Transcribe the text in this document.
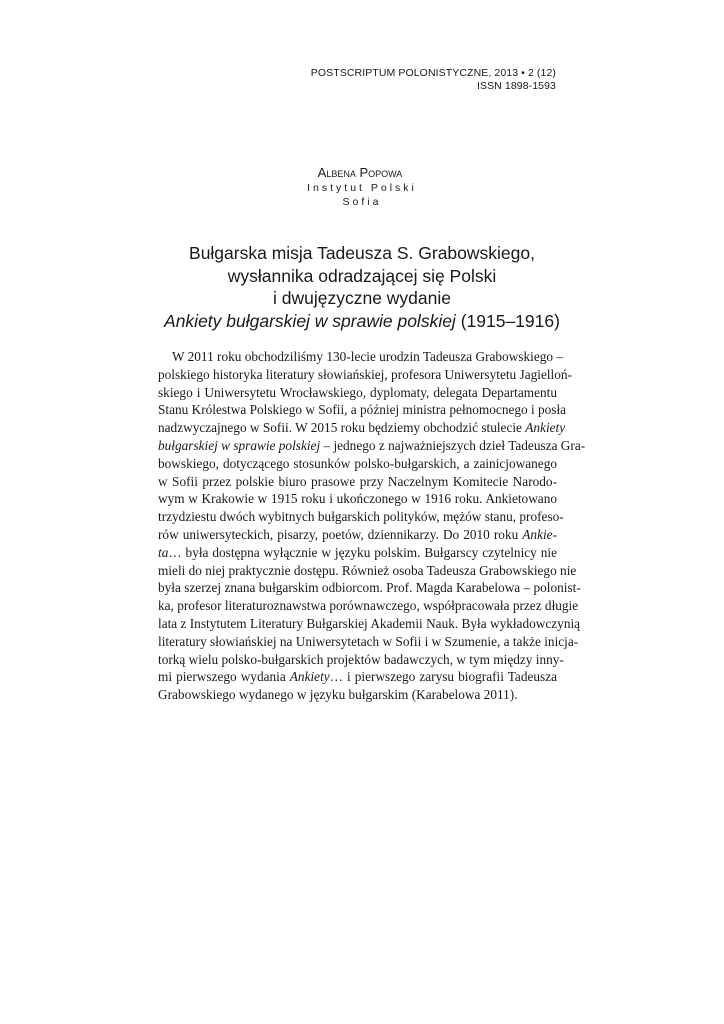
POSTSCRIPTUM POLONISTYCZNE, 2013 • 2 (12)
ISSN 1898-1593
Albena Popowa
Instytut Polski
Sofia
Bułgarska misja Tadeusza S. Grabowskiego,
wysłannika odradzającej się Polski
i dwujęzyczne wydanie
Ankiety bułgarskiej w sprawie polskiej (1915–1916)
W 2011 roku obchodziliśmy 130-lecie urodzin Tadeusza Grabowskiego –
polskiego historyka literatury słowiańskiej, profesora Uniwersytetu Jagielloń-
skiego i Uniwersytetu Wrocławskiego, dyplomaty, delegata Departamentu
Stanu Królestwa Polskiego w Sofii, a później ministra pełnomocnego i posła
nadzwyczajnego w Sofii. W 2015 roku będziemy obchodzić stulecie Ankiety
bułgarskiej w sprawie polskiej – jednego z najważniejszych dzieł Tadeusza Gra-
bowskiego, dotyczącego stosunków polsko-bułgarskich, a zainicjowanego
w Sofii przez polskie biuro prasowe przy Naczelnym Komitecie Narodo-
wym w Krakowie w 1915 roku i ukończonego w 1916 roku. Ankietowano
trzydziestu dwóch wybitnych bułgarskich polityków, mężów stanu, profeso-
rów uniwersyteckich, pisarzy, poetów, dziennikarzy. Do 2010 roku Ankie-
ta… była dostępna wyłącznie w języku polskim. Bułgarscy czytelnicy nie
mieli do niej praktycznie dostępu. Również osoba Tadeusza Grabowskiego nie
była szerzej znana bułgarskim odbiorcom. Prof. Magda Karabelowa – polonist-
ka, profesor literaturoznawstwa porównawczego, współpracowała przez długie
lata z Instytutem Literatury Bułgarskiej Akademii Nauk. Była wykładowczynią
literatury słowiańskiej na Uniwersytetach w Sofii i w Szumenie, a także inicja-
torką wielu polsko-bułgarskich projektów badawczych, w tym między inny-
mi pierwszego wydania Ankiety… i pierwszego zarysu biografii Tadeusza
Grabowskiego wydanego w języku bułgarskim (Karabelowa 2011).
